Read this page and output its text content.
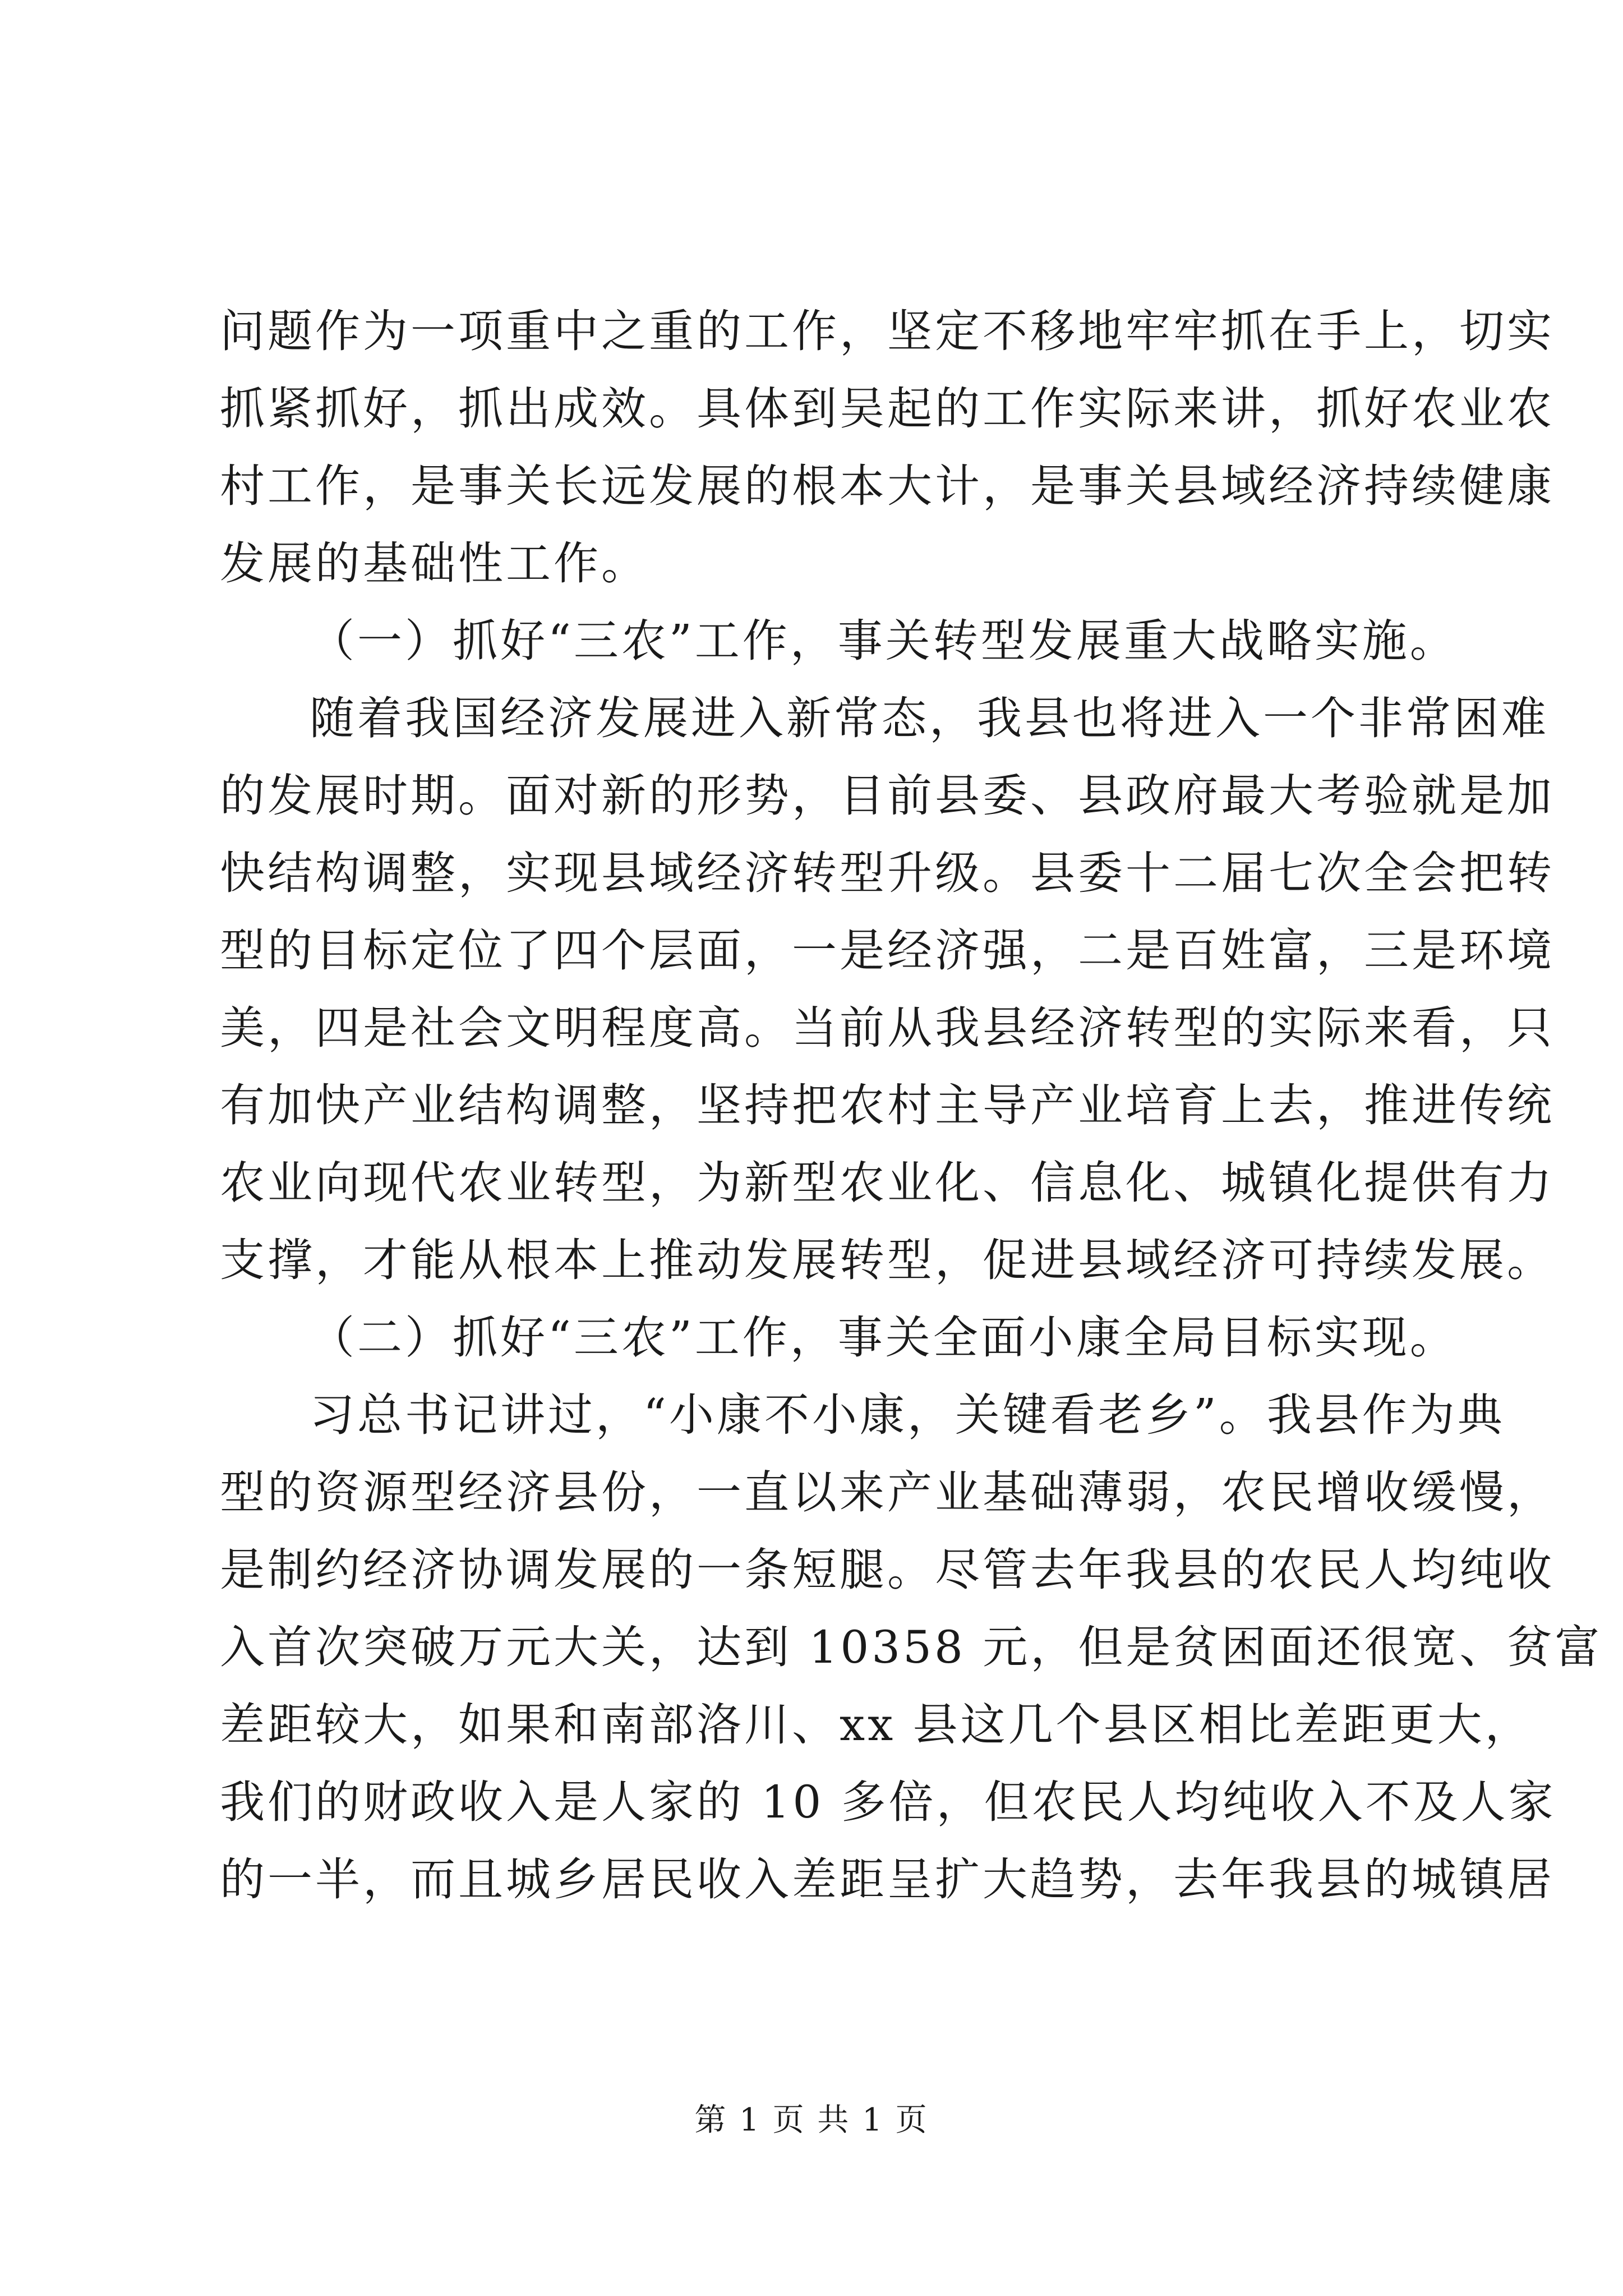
问题作为一项重中之重的工作，坚定不移地牢牢抓在手上，切实
抓紧抓好，抓出成效。具体到吴起的工作实际来讲，抓好农业农
村工作，是事关长远发展的根本大计，是事关县域经济持续健康
发展的基础性工作。
（一）抓好“三农”工作，事关转型发展重大战略实施。
随着我国经济发展进入新常态，我县也将进入一个非常困难
的发展时期。面对新的形势，目前县委、县政府最大考验就是加
快结构调整，实现县域经济转型升级。县委十二届七次全会把转
型的目标定位了四个层面，一是经济强，二是百姓富，三是环境
美，四是社会文明程度高。当前从我县经济转型的实际来看，只
有加快产业结构调整，坚持把农村主导产业培育上去，推进传统
农业向现代农业转型，为新型农业化、信息化、城镇化提供有力
支撑，才能从根本上推动发展转型，促进县域经济可持续发展。
（二）抓好“三农”工作，事关全面小康全局目标实现。
习总书记讲过，“小康不小康，关键看老乡”。我县作为典
型的资源型经济县份，一直以来产业基础薄弱，农民增收缓慢，
是制约经济协调发展的一条短腿。尽管去年我县的农民人均纯收
入首次突破万元大关，达到 10358 元，但是贫困面还很宽、贫富
差距较大，如果和南部洛川、xx 县这几个县区相比差距更大，
我们的财政收入是人家的 10 多倍，但农民人均纯收入不及人家
的一半，而且城乡居民收入差距呈扩大趋势，去年我县的城镇居
第 1 页 共 1 页
